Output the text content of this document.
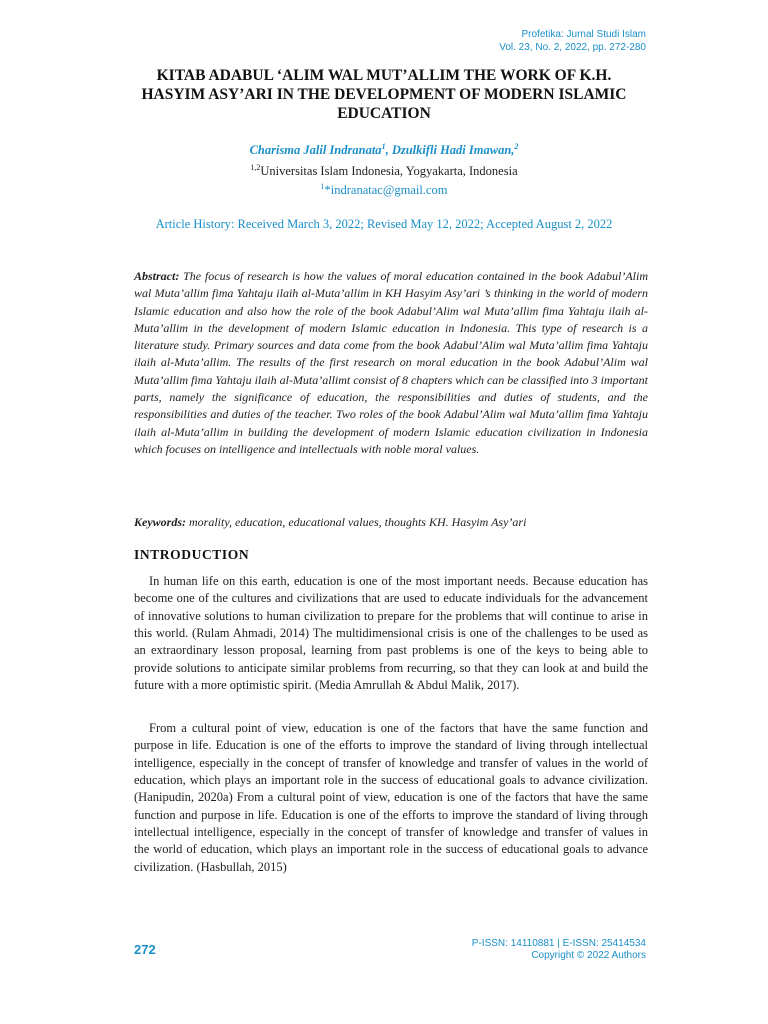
Profetika: Jurnal Studi Islam
Vol. 23, No. 2, 2022, pp. 272-280
KITAB ADABUL ‘ALIM WAL MUT’ALLIM THE WORK OF K.H. HASYIM ASY’ARI IN THE DEVELOPMENT OF MODERN ISLAMIC EDUCATION
Charisma Jalil Indranata$^1$, Dzulkifli Hadi Imawan,$^2$
$^{1,2}$Universitas Islam Indonesia, Yogyakarta, Indonesia
$^1$*indranatac@gmail.com
Article History: Received March 3, 2022; Revised May 12, 2022; Accepted August 2, 2022

Abstract: The focus of research is how the values of moral education contained in the book Adabul’Alim wal Muta’allim fima Yahtaju ilaih al-Muta’allim in KH Hasyim Asy’ari ’s thinking in the world of modern Islamic education and also how the role of the book Adabul’Alim wal Muta’allim fima Yahtaju ilaih al-Muta’allim in the development of modern Islamic education in Indonesia. This type of research is a literature study. Primary sources and data come from the book Adabul’Alim wal Muta’allim fima Yahtaju ilaih al-Muta’allim. The results of the first research on moral education in the book Adabul’Alim wal Muta’allim fima Yahtaju ilaih al-Muta’allimt consist of 8 chapters which can be classified into 3 important parts, namely the significance of education, the responsibilities and duties of students, and the responsibilities and duties of the teacher. Two roles of the book Adabul’Alim wal Muta’allim fima Yahtaju ilaih al-Muta’allim in building the development of modern Islamic education civilization in Indonesia which focuses on intelligence and intellectuals with noble moral values.

Keywords: morality, education, educational values, thoughts KH. Hasyim Asy’ari

INTRODUCTION

In human life on this earth, education is one of the most important needs. Because education has become one of the cultures and civilizations that are used to educate individuals for the advancement of innovative solutions to human civilization to prepare for the problems that will continue to arise in this world. (Rulam Ahmadi, 2014) The multidimensional crisis is one of the challenges to be used as an extraordinary lesson proposal, learning from past problems is one of the keys to being able to provide solutions to anticipate similar problems from recurring, so that they can look at and build the future with a more optimistic spirit. (Media Amrullah & Abdul Malik, 2017).

From a cultural point of view, education is one of the factors that have the same function and purpose in life. Education is one of the efforts to improve the standard of living through intellectual intelligence, especially in the concept of transfer of knowledge and transfer of values in the world of education, which plays an important role in the success of educational goals to advance civilization. (Hanipudin, 2020a) From a cultural point of view, education is one of the factors that have the same function and purpose in life. Education is one of the efforts to improve the standard of living through intellectual intelligence, especially in the concept of transfer of knowledge and transfer of values in the world of education, which plays an important role in the success of educational goals to advance civilization. (Hasbullah, 2015)

272	P-ISSN: 14110881 | E-ISSN: 25414534
Copyright © 2022 Authors
